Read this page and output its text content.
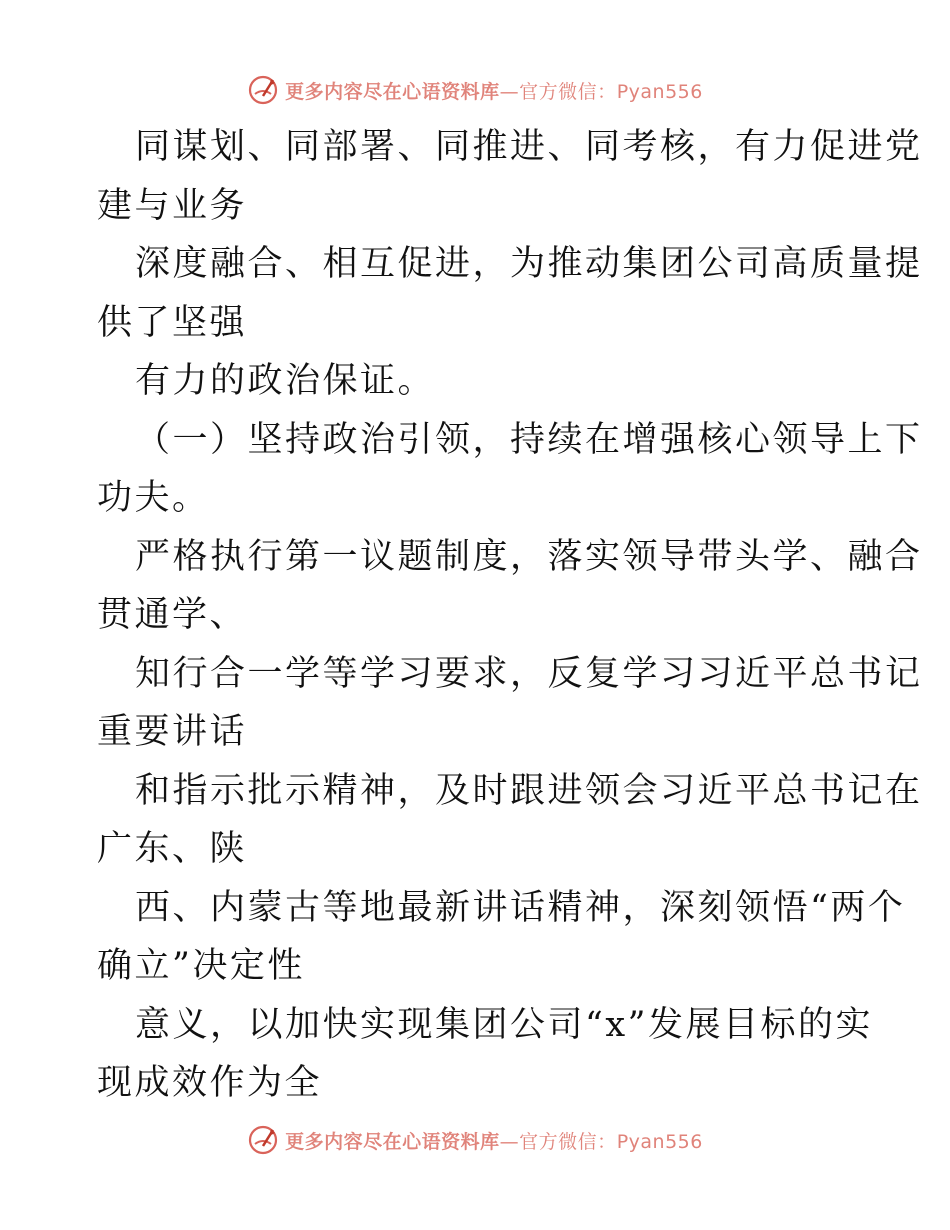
更多内容尽在心语资料库—官方微信：Pyan556
同谋划、同部署、同推进、同考核，有力促进党
建与业务
深度融合、相互促进，为推动集团公司高质量提
供了坚强
有力的政治保证。
（一）坚持政治引领，持续在增强核心领导上下
功夫。
严格执行第一议题制度，落实领导带头学、融合
贯通学、
知行合一学等学习要求，反复学习习近平总书记
重要讲话
和指示批示精神，及时跟进领会习近平总书记在
广东、陕
西、内蒙古等地最新讲话精神，深刻领悟“两个
确立”决定性
意义，以加快实现集团公司“x”发展目标的实
现成效作为全
更多内容尽在心语资料库—官方微信：Pyan556
